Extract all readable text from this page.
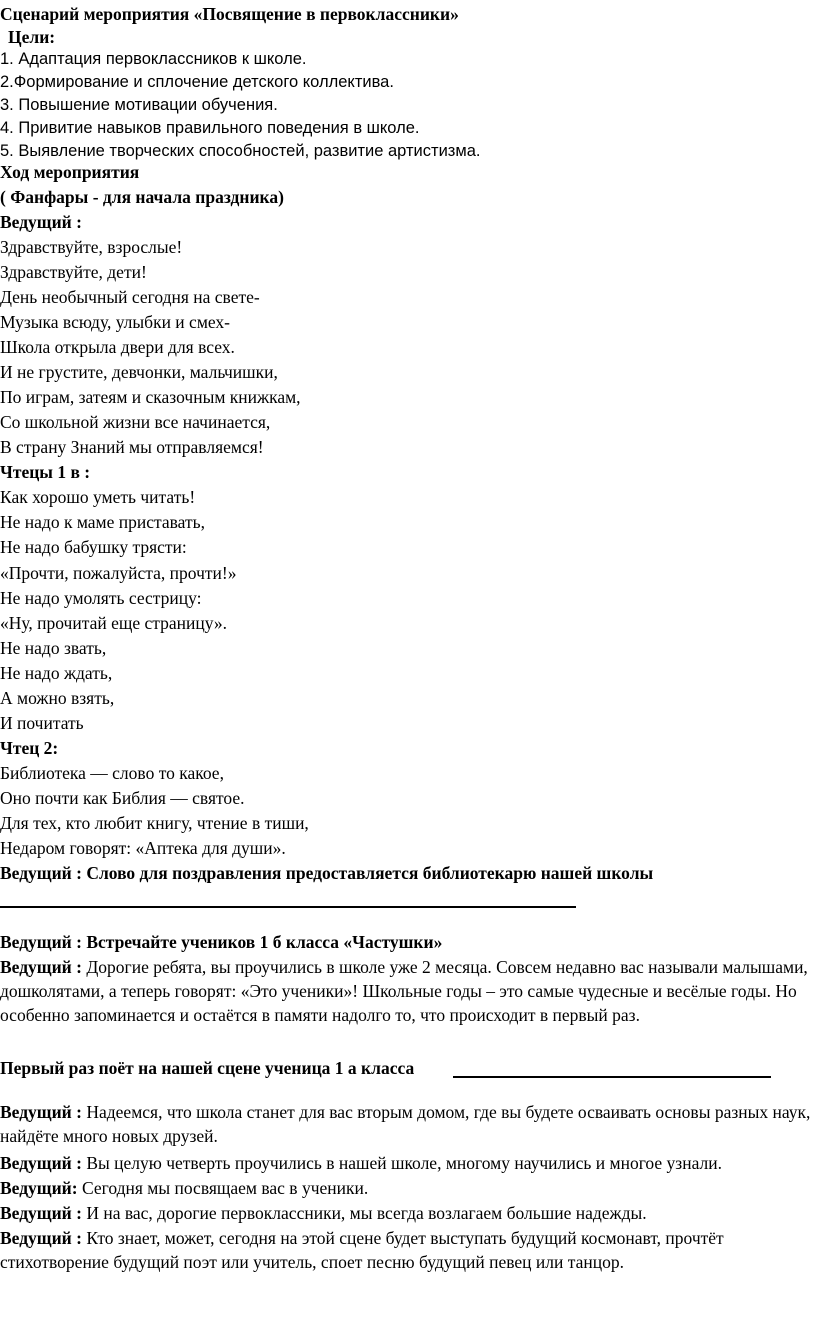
Сценарий мероприятия «Посвящение в первоклассники»
Цели:
1. Адаптация первоклассников к школе.
2.Формирование и сплочение детского коллектива.
3. Повышение мотивации обучения.
4. Привитие навыков правильного поведения в школе.
5. Выявление творческих способностей, развитие артистизма.
Ход мероприятия
( Фанфары - для начала праздника)
Ведущий :
Здравствуйте, взрослые!
Здравствуйте, дети!
День необычный сегодня на свете-
Музыка всюду, улыбки и смех-
Школа открыла двери для всех.
И не грустите, девчонки, мальчишки,
По играм, затеям и сказочным книжкам,
Со школьной жизни все начинается,
В страну Знаний мы отправляемся!
Чтецы 1 в :
Как хорошо уметь читать!
Не надо к маме приставать,
Не надо бабушку трясти:
«Прочти, пожалуйста, прочти!»
Не надо умолять сестрицу:
«Ну, прочитай еще страницу».
Не надо звать,
Не надо ждать,
А можно взять,
И почитать
Чтец 2:
Библиотека — слово то какое,
Оно почти как Библия — святое.
Для тех, кто любит книгу, чтение в тиши,
Недаром говорят: «Аптека для души».
Ведущий : Слово для поздравления предоставляется библиотекарю нашей школы
Ведущий : Встречайте учеников 1 б класса «Частушки»
Ведущий : Дорогие ребята, вы проучились в школе уже 2 месяца. Совсем недавно вас называли малышами, дошколятами, а теперь говорят: «Это ученики»! Школьные годы – это самые чудесные и весёлые годы. Но особенно запоминается и остаётся в памяти надолго то, что происходит в первый раз.
Первый раз поёт на нашей сцене ученица 1 а класса
Ведущий : Надеемся, что школа станет для вас вторым домом, где вы будете осваивать основы разных наук, найдёте много новых друзей.
Ведущий : Вы целую четверть проучились в нашей школе, многому научились и многое узнали.
Ведущий: Сегодня мы посвящаем вас в ученики.
Ведущий : И на вас, дорогие первоклассники, мы всегда возлагаем большие надежды.
Ведущий : Кто знает, может, сегодня на этой сцене будет выступать будущий космонавт, прочтёт стихотворение будущий поэт или учитель, споет песню будущий певец или танцор.
